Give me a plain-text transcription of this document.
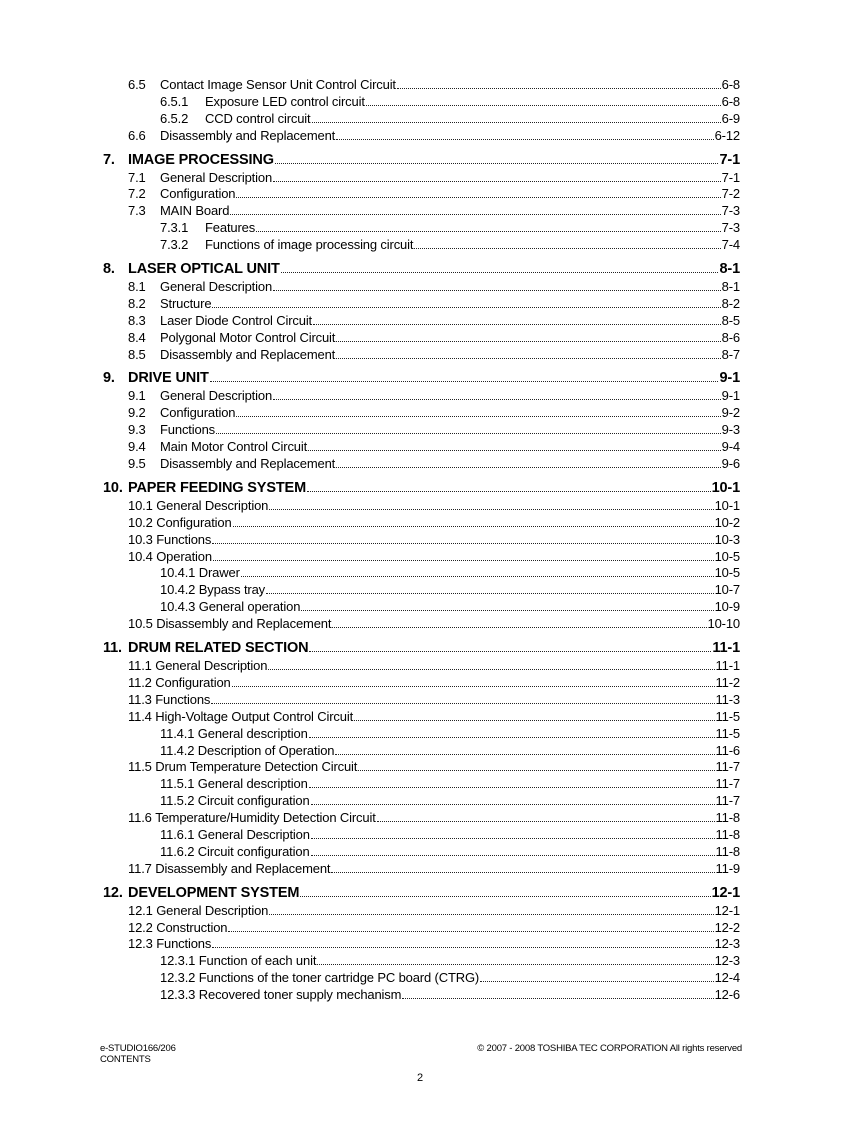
6.5	Contact Image Sensor Unit Control Circuit	6-8
6.5.1	Exposure LED control circuit	6-8
6.5.2	CCD control circuit	6-9
6.6	Disassembly and Replacement	6-12
7. IMAGE PROCESSING	7-1
7.1	General Description	7-1
7.2	Configuration	7-2
7.3	MAIN Board	7-3
7.3.1	Features	7-3
7.3.2	Functions of image processing circuit	7-4
8. LASER OPTICAL UNIT	8-1
8.1	General Description	8-1
8.2	Structure	8-2
8.3	Laser Diode Control Circuit	8-5
8.4	Polygonal Motor Control Circuit	8-6
8.5	Disassembly and Replacement	8-7
9. DRIVE UNIT	9-1
9.1	General Description	9-1
9.2	Configuration	9-2
9.3	Functions	9-3
9.4	Main Motor Control Circuit	9-4
9.5	Disassembly and Replacement	9-6
10. PAPER FEEDING SYSTEM	10-1
10.1 General Description	10-1
10.2 Configuration	10-2
10.3 Functions	10-3
10.4 Operation	10-5
10.4.1 Drawer	10-5
10.4.2 Bypass tray	10-7
10.4.3 General operation	10-9
10.5 Disassembly and Replacement	10-10
11. DRUM RELATED SECTION	11-1
11.1 General Description	11-1
11.2 Configuration	11-2
11.3 Functions	11-3
11.4 High-Voltage Output Control Circuit	11-5
11.4.1 General description	11-5
11.4.2 Description of Operation	11-6
11.5 Drum Temperature Detection Circuit	11-7
11.5.1 General description	11-7
11.5.2 Circuit configuration	11-7
11.6 Temperature/Humidity Detection Circuit	11-8
11.6.1 General Description	11-8
11.6.2 Circuit configuration	11-8
11.7 Disassembly and Replacement	11-9
12. DEVELOPMENT SYSTEM	12-1
12.1 General Description	12-1
12.2 Construction	12-2
12.3 Functions	12-3
12.3.1 Function of each unit	12-3
12.3.2 Functions of the toner cartridge PC board (CTRG)	12-4
12.3.3 Recovered toner supply mechanism	12-6
e-STUDIO166/206
CONTENTS
© 2007 - 2008 TOSHIBA TEC CORPORATION All rights reserved
2
